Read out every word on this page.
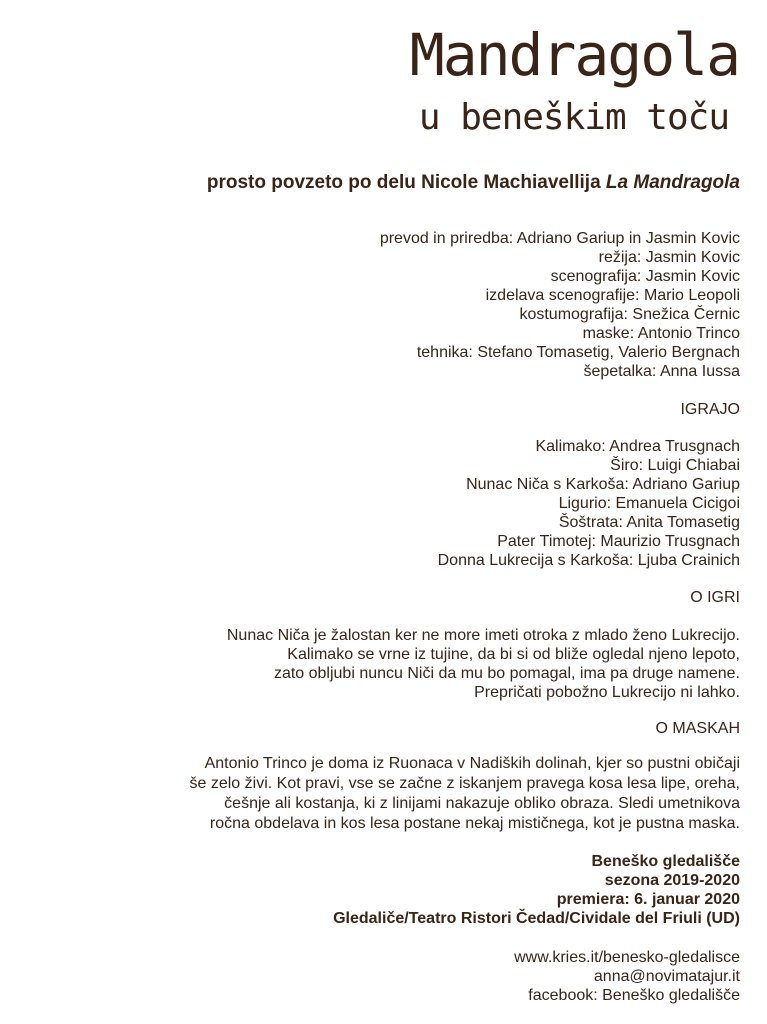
Mandragola
u beneškim toču
prosto povzeto po delu Nicole Machiavellija La Mandragola
prevod in priredba: Adriano Gariup in Jasmin Kovic
režija: Jasmin Kovic
scenografija: Jasmin Kovic
izdelava scenografije: Mario Leopoli
kostumografija: Snežica Černic
maske: Antonio Trinco
tehnika: Stefano Tomasetig, Valerio Bergnach
šepetalka: Anna Iussa
IGRAJO
Kalimako: Andrea Trusgnach
Širo: Luigi Chiabai
Nunac Niča s Karkoša: Adriano Gariup
Ligurio: Emanuela Cicigoi
Šoštrata: Anita Tomasetig
Pater Timotej: Maurizio Trusgnach
Donna Lukrecija s Karkoša: Ljuba Crainich
O IGRI
Nunac Niča je žalostan ker ne more imeti otroka z mlado ženo Lukrecijo.
Kalimako se vrne iz tujine, da bi si od bliže ogledal njeno lepoto,
zato obljubi nuncu Niči da mu bo pomagal, ima pa druge namene.
Prepričati pobožno Lukrecijo ni lahko.
O MASKAH
Antonio Trinco je doma iz Ruonaca v Nadiških dolinah, kjer so pustni običaji
še zelo živi. Kot pravi, vse se začne z iskanjem pravega kosa lesa lipe, oreha,
češnje ali kostanja, ki z linijami nakazuje obliko obraza. Sledi umetnikova
ročna obdelava in kos lesa postane nekaj mističnega, kot je pustna maska.
Beneško gledališče
sezona 2019-2020
premiera: 6. januar 2020
Gledaliče/Teatro Ristori Čedad/Cividale del Friuli (UD)
www.kries.it/benesko-gledalisce
anna@novimatajur.it
facebook: Beneško gledališče
